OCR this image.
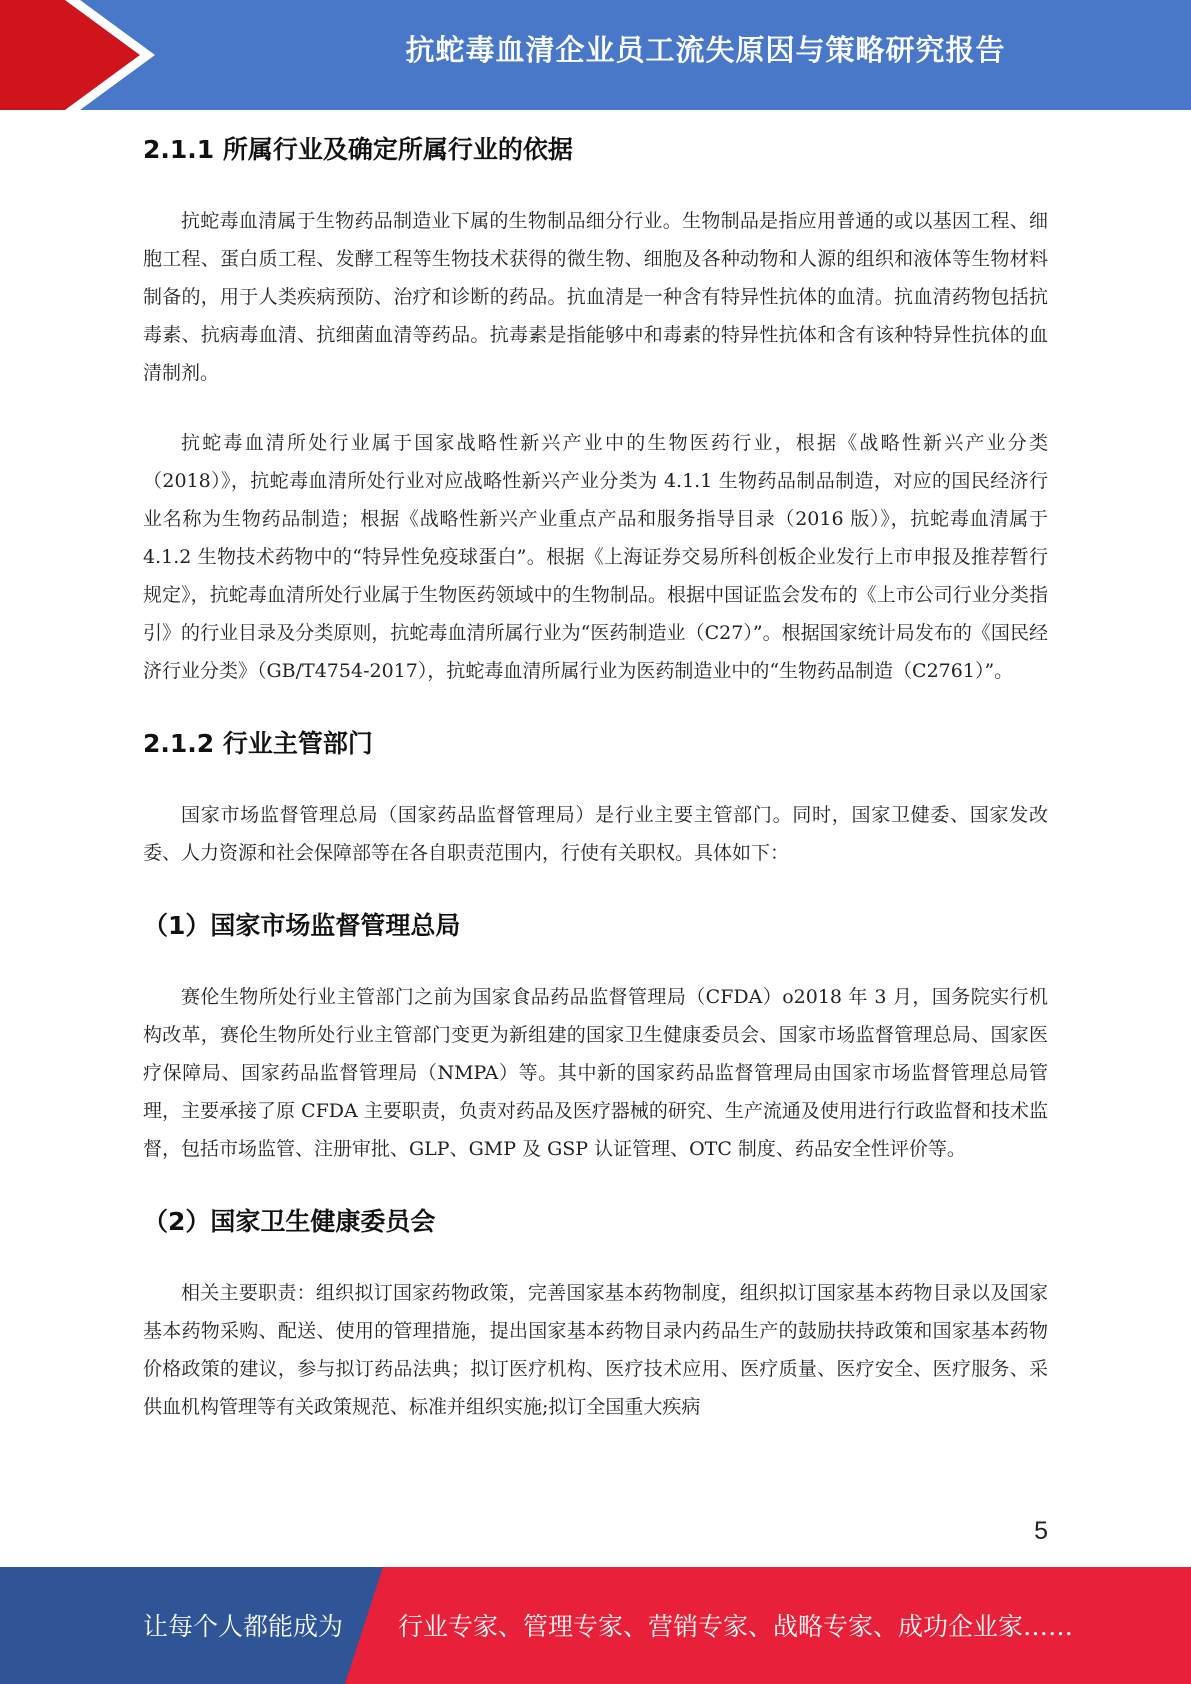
抗蛇毒血清企业员工流失原因与策略研究报告
2.1.1 所属行业及确定所属行业的依据

抗蛇毒血清属于生物药品制造业下属的生物制品细分行业。生物制品是指应用普通的或以基因工程、细胞工程、蛋白质工程、发酵工程等生物技术获得的微生物、细胞及各种动物和人源的组织和液体等生物材料制备的，用于人类疾病预防、治疗和诊断的药品。抗血清是一种含有特异性抗体的血清。抗血清药物包括抗毒素、抗病毒血清、抗细菌血清等药品。抗毒素是指能够中和毒素的特异性抗体和含有该种特异性抗体的血清制剂。

抗蛇毒血清所处行业属于国家战略性新兴产业中的生物医药行业，根据《战略性新兴产业分类（2018）》，抗蛇毒血清所处行业对应战略性新兴产业分类为 4.1.1 生物药品制品制造，对应的国民经济行业名称为生物药品制造；根据《战略性新兴产业重点产品和服务指导目录（2016 版）》，抗蛇毒血清属于 4.1.2 生物技术药物中的“特异性免疫球蛋白”。根据《上海证券交易所科创板企业发行上市申报及推荐暂行规定》，抗蛇毒血清所处行业属于生物医药领域中的生物制品。根据中国证监会发布的《上市公司行业分类指引》的行业目录及分类原则，抗蛇毒血清所属行业为“医药制造业（C27）”。根据国家统计局发布的《国民经济行业分类》（GB/T4754-2017），抗蛇毒血清所属行业为医药制造业中的“生物药品制造（C2761）”。

2.1.2 行业主管部门

国家市场监督管理总局（国家药品监督管理局）是行业主要主管部门。同时，国家卫健委、国家发改委、人力资源和社会保障部等在各自职责范围内，行使有关职权。具体如下：

（1）国家市场监督管理总局

赛伦生物所处行业主管部门之前为国家食品药品监督管理局（CFDA）o2018 年 3 月，国务院实行机构改革，赛伦生物所处行业主管部门变更为新组建的国家卫生健康委员会、国家市场监督管理总局、国家医疗保障局、国家药品监督管理局（NMPA）等。其中新的国家药品监督管理局由国家市场监督管理总局管理，主要承接了原 CFDA 主要职责，负责对药品及医疗器械的研究、生产流通及使用进行行政监督和技术监督，包括市场监管、注册审批、GLP、GMP 及 GSP 认证管理、OTC 制度、药品安全性评价等。

（2）国家卫生健康委员会

相关主要职责：组织拟订国家药物政策，完善国家基本药物制度，组织拟订国家基本药物目录以及国家基本药物采购、配送、使用的管理措施，提出国家基本药物目录内药品生产的鼓励扶持政策和国家基本药物价格政策的建议，参与拟订药品法典；拟订医疗机构、医疗技术应用、医疗质量、医疗安全、医疗服务、采供血机构管理等有关政策规范、标准并组织实施;拟订全国重大疾病

5
让每个人都能成为 行业专家、管理专家、营销专家、战略专家、成功企业家……
